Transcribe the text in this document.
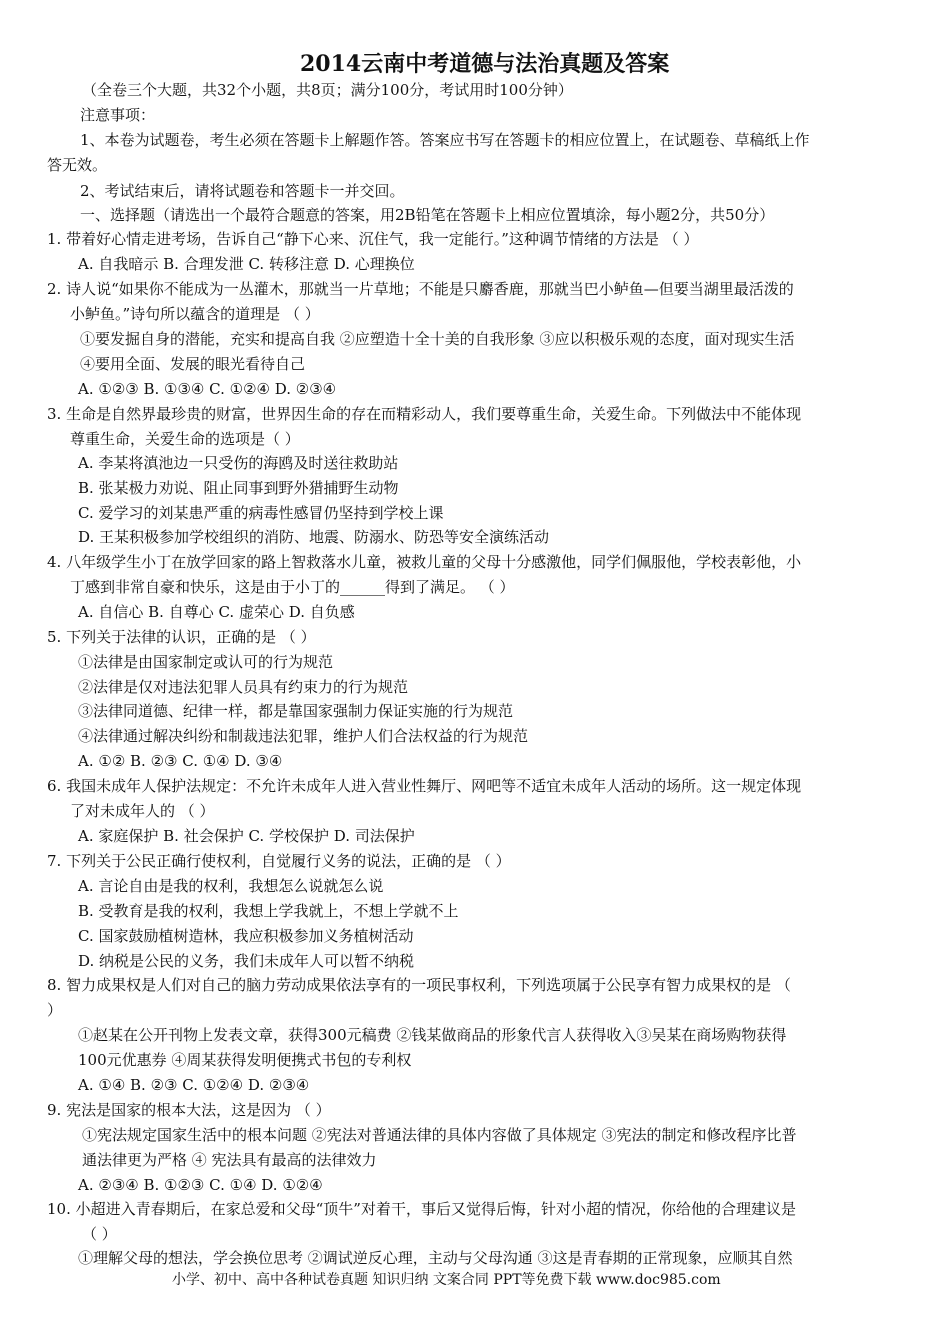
2014云南中考道德与法治真题及答案
（全卷三个大题，共32个小题，共8页；满分100分，考试用时100分钟）
注意事项：
1、本卷为试题卷，考生必须在答题卡上解题作答。答案应书写在答题卡的相应位置上，在试题卷、草稿纸上作
答无效。
2、考试结束后，请将试题卷和答题卡一并交回。
一、选择题（请选出一个最符合题意的答案，用2B铅笔在答题卡上相应位置填涂，每小题2分，共50分）
1. 带着好心情走进考场，告诉自己“静下心来、沉住气，我一定能行。”这种调节情绪的方法是 （ ）
A. 自我暗示 B. 合理发泄 C. 转移注意 D. 心理换位
2. 诗人说“如果你不能成为一丛灌木，那就当一片草地；不能是只麝香鹿，那就当巴小鲈鱼—但要当湖里最活泼的
小鲈鱼。”诗句所以蕴含的道理是 （ ）
①要发掘自身的潜能，充实和提高自我 ②应塑造十全十美的自我形象 ③应以积极乐观的态度，面对现实生活
④要用全面、发展的眼光看待自己
A. ①②③ B. ①③④ C. ①②④ D. ②③④
3. 生命是自然界最珍贵的财富，世界因生命的存在而精彩动人，我们要尊重生命，关爱生命。下列做法中不能体现
尊重生命，关爱生命的选项是（ ）
A. 李某将滇池边一只受伤的海鸥及时送往救助站
B. 张某极力劝说、阻止同事到野外猎捕野生动物
C. 爱学习的刘某患严重的病毒性感冒仍坚持到学校上课
D. 王某积极参加学校组织的消防、地震、防溺水、防恐等安全演练活动
4. 八年级学生小丁在放学回家的路上智救落水儿童，被救儿童的父母十分感激他，同学们佩服他，学校表彰他，小
丁感到非常自豪和快乐，这是由于小丁的______得到了满足。 （ ）
A. 自信心 B. 自尊心 C. 虚荣心 D. 自负感
5. 下列关于法律的认识，正确的是 （ ）
①法律是由国家制定或认可的行为规范
②法律是仅对违法犯罪人员具有约束力的行为规范
③法律同道德、纪律一样，都是靠国家强制力保证实施的行为规范
④法律通过解决纠纷和制裁违法犯罪，维护人们合法权益的行为规范
A. ①② B. ②③ C. ①④ D. ③④
6. 我国未成年人保护法规定：不允许未成年人进入营业性舞厅、网吧等不适宜未成年人活动的场所。这一规定体现
了对未成年人的 （ ）
A. 家庭保护 B. 社会保护 C. 学校保护 D. 司法保护
7. 下列关于公民正确行使权利，自觉履行义务的说法，正确的是 （ ）
A. 言论自由是我的权利，我想怎么说就怎么说
B. 受教育是我的权利，我想上学我就上，不想上学就不上
C. 国家鼓励植树造林，我应积极参加义务植树活动
D. 纳税是公民的义务，我们未成年人可以暂不纳税
8. 智力成果权是人们对自己的脑力劳动成果依法享有的一项民事权利，下列选项属于公民享有智力成果权的是 （
）
①赵某在公开刊物上发表文章，获得300元稿费 ②钱某做商品的形象代言人获得收入③吴某在商场购物获得
100元优惠券 ④周某获得发明便携式书包的专利权
A. ①④ B. ②③ C. ①②④ D. ②③④
9. 宪法是国家的根本大法，这是因为 （ ）
①宪法规定国家生活中的根本问题 ②宪法对普通法律的具体内容做了具体规定 ③宪法的制定和修改程序比普
通法律更为严格 ④ 宪法具有最高的法律效力
A. ②③④ B. ①②③ C. ①④ D. ①②④
10. 小超进入青春期后，在家总爱和父母“顶牛”对着干，事后又觉得后悔，针对小超的情况，你给他的合理建议是
（ ）
①理解父母的想法，学会换位思考 ②调试逆反心理，主动与父母沟通 ③这是青春期的正常现象，应顺其自然
小学、初中、高中各种试卷真题 知识归纳 文案合同 PPT等免费下载 www.doc985.com
